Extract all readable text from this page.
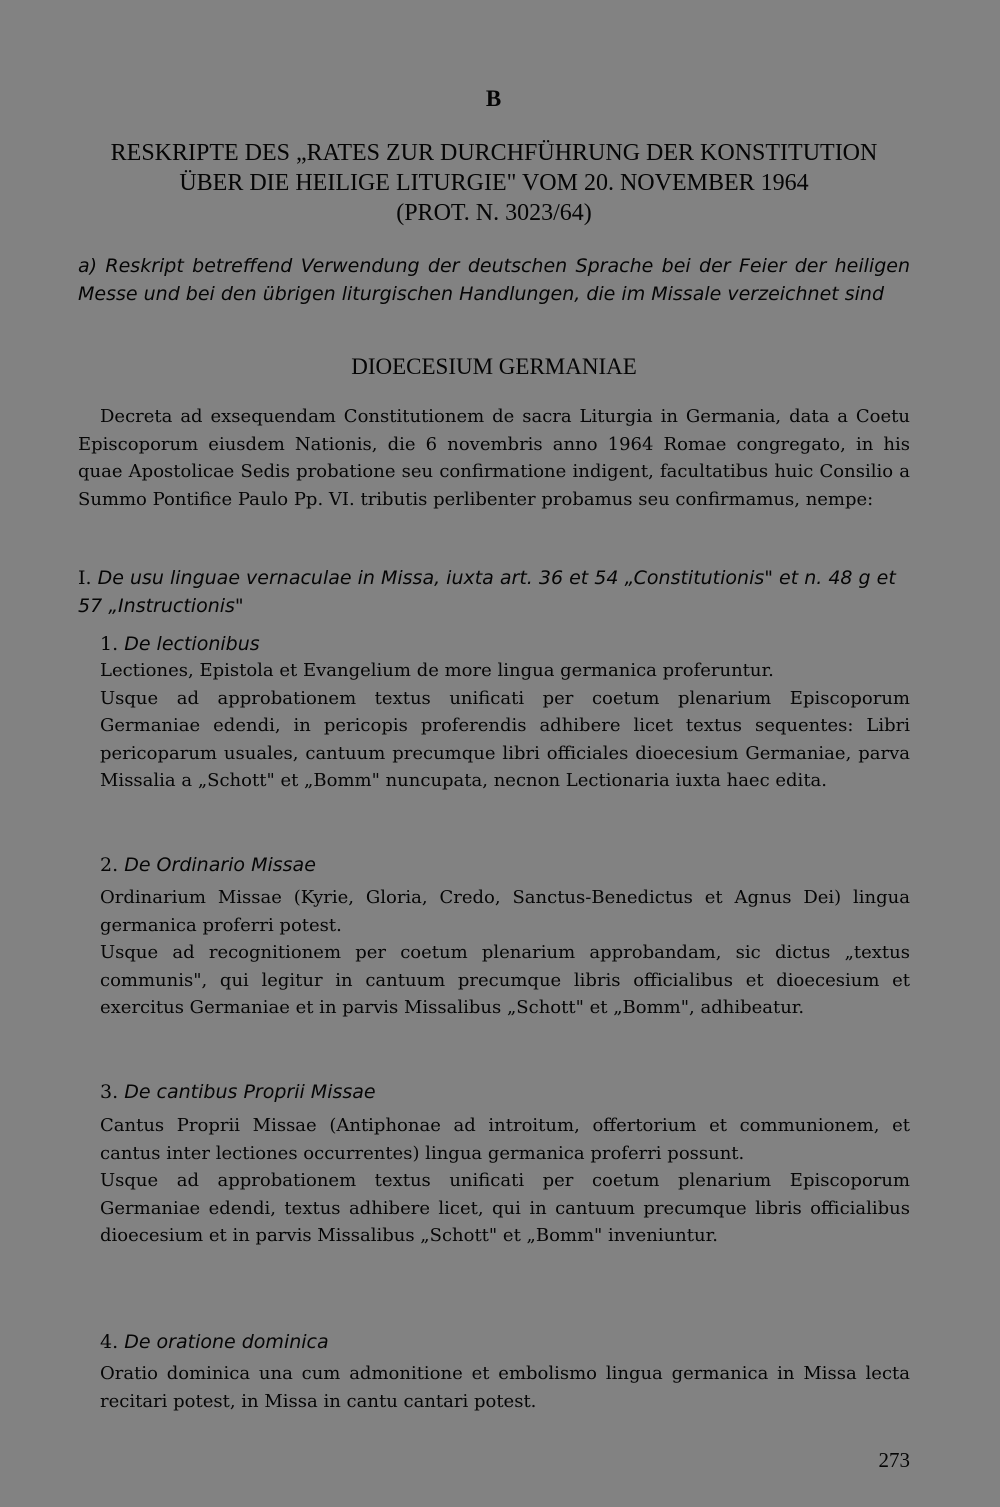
B
RESKRIPTE DES „RATES ZUR DURCHFÜHRUNG DER KONSTITUTION
ÜBER DIE HEILIGE LITURGIE" VOM 20. NOVEMBER 1964
(PROT. N. 3023/64)
a) Reskript betreffend Verwendung der deutschen Sprache bei der Feier der heiligen Messe und bei den übrigen liturgischen Handlungen, die im Missale verzeichnet sind
DIOECESIUM GERMANIAE
Decreta ad exsequendam Constitutionem de sacra Liturgia in Germania, data a Coetu Episcoporum eiusdem Nationis, die 6 novembris anno 1964 Romae congregato, in his quae Apostolicae Sedis probatione seu confirmatione indigent, facultatibus huic Consilio a Summo Pontifice Paulo Pp. VI. tributis perlibenter probamus seu confirmamus, nempe:
I. De usu linguae vernaculae in Missa, iuxta art. 36 et 54 „Constitutionis" et n. 48 g et 57 „Instructionis"
1. De lectionibus

Lectiones, Epistola et Evangelium de more lingua germanica proferuntur.

Usque ad approbationem textus unificati per coetum plenarium Episcoporum Germaniae edendi, in pericopis proferendis adhibere licet textus sequentes: Libri pericoparum usuales, cantuum precumque libri officiales dioecesium Germaniae, parva Missalia a „Schott" et „Bomm" nuncupata, necnon Lectionaria iuxta haec edita.

2. De Ordinario Missae

Ordinarium Missae (Kyrie, Gloria, Credo, Sanctus-Benedictus et Agnus Dei) lingua germanica proferri potest.

Usque ad recognitionem per coetum plenarium approbandam, sic dictus „textus communis", qui legitur in cantuum precumque libris officialibus et dioecesium et exercitus Germaniae et in parvis Missalibus „Schott" et „Bomm", adhibeatur.

3. De cantibus Proprii Missae

Cantus Proprii Missae (Antiphonae ad introitum, offertorium et communionem, et cantus inter lectiones occurrentes) lingua germanica proferri possunt.

Usque ad approbationem textus unificati per coetum plenarium Episcoporum Germaniae edendi, textus adhibere licet, qui in cantuum precumque libris officialibus dioecesium et in parvis Missalibus „Schott" et „Bomm" inveniuntur.

4. De oratione dominica

Oratio dominica una cum admonitione et embolismo lingua germanica in Missa lecta recitari potest, in Missa in cantu cantari potest.

273
